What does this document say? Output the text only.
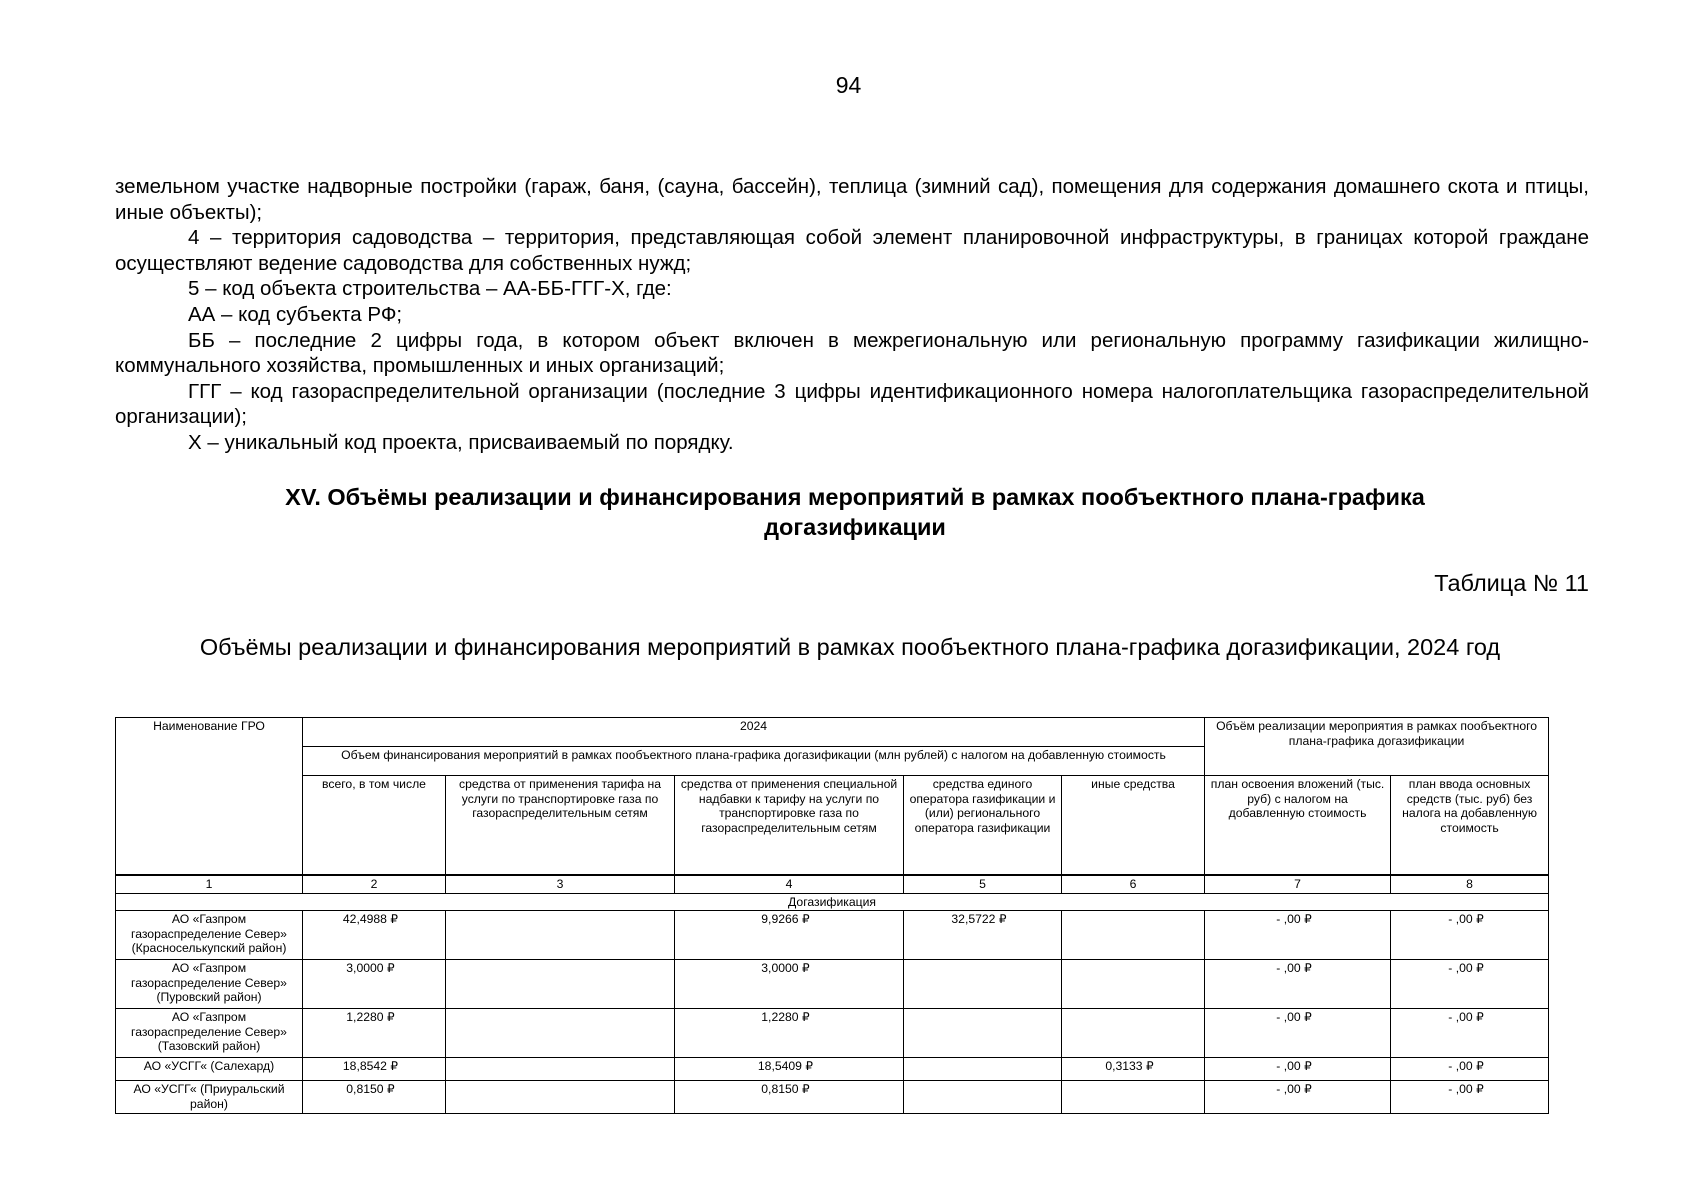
94

земельном участке надворные постройки (гараж, баня, (сауна, бассейн), теплица (зимний сад), помещения для содержания домашнего скота и птицы, иные объекты);

4 – территория садоводства – территория, представляющая собой элемент планировочной инфраструктуры, в границах которой граждане осуществляют ведение садоводства для собственных нужд;

5 – код объекта строительства – АА-ББ-ГГГ-Х, где:

АА – код субъекта РФ;

ББ – последние 2 цифры года, в котором объект включен в межрегиональную или региональную программу газификации жилищно-коммунального хозяйства, промышленных и иных организаций;

ГГГ – код газораспределительной организации (последние 3 цифры идентификационного номера налогоплательщика газораспределительной организации);

Х – уникальный код проекта, присваиваемый по порядку.

XV. Объёмы реализации и финансирования мероприятий в рамках пообъектного плана-графика догазификации
Таблица № 11
Объёмы реализации и финансирования мероприятий в рамках пообъектного плана-графика догазификации, 2024 год
Наименование ГРО	2024					Объём реализации мероприятия в рамках пообъектного плана-графика догазификации	
	Объем финансирования мероприятий в рамках пообъектного плана-графика догазификации (млн рублей) с налогом на добавленную стоимость						
	всего, в том числе	средства от применения тарифа на услуги по транспортировке газа по газораспределительным сетям	средства от применения специальной надбавки к тарифу на услуги по транспортировке газа по газораспределительным сетям	средства единого оператора газификации и (или) регионального оператора газификации	иные средства	план освоения вложений (тыс. руб) с налогом на добавленную стоимость	план ввода основных средств (тыс. руб) без налога на добавленную стоимость
1	2	3	4	5	6	7	8
Догазификация							
АО «Газпром газораспределение Север» (Красноселькупский район)	42,4988 ₽		9,9266 ₽	32,5722 ₽		- ,00 ₽	- ,00 ₽
АО «Газпром газораспределение Север» (Пуровский район)	3,0000 ₽		3,0000 ₽			- ,00 ₽	- ,00 ₽
АО «Газпром газораспределение Север» (Тазовский район)	1,2280 ₽		1,2280 ₽			- ,00 ₽	- ,00 ₽
АО «УСГГ« (Салехард)	18,8542 ₽		18,5409 ₽		0,3133 ₽	- ,00 ₽	- ,00 ₽
АО «УСГГ« (Приуральский район)	0,8150 ₽		0,8150 ₽			- ,00 ₽	- ,00 ₽
